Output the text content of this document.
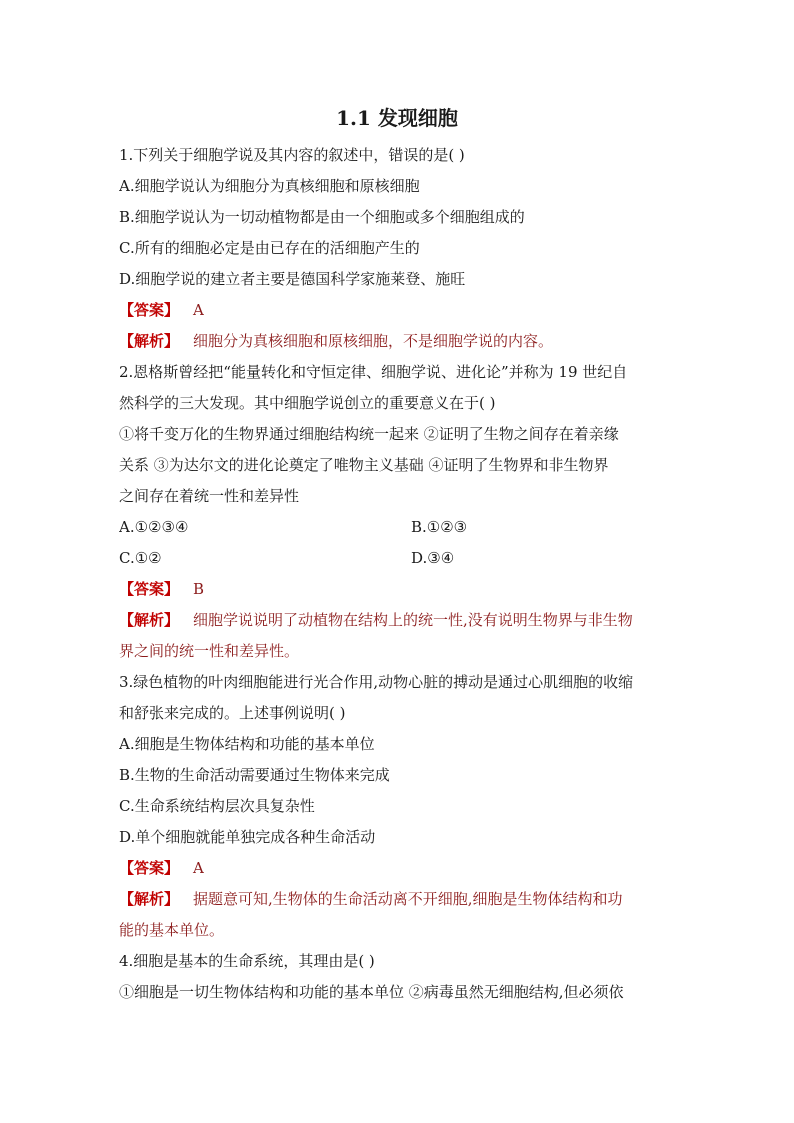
1.1 发现细胞
1.下列关于细胞学说及其内容的叙述中，错误的是( )
A.细胞学说认为细胞分为真核细胞和原核细胞
B.细胞学说认为一切动植物都是由一个细胞或多个细胞组成的
C.所有的细胞必定是由已存在的活细胞产生的
D.细胞学说的建立者主要是德国科学家施莱登、施旺
【答案】 A
【解析】 细胞分为真核细胞和原核细胞，不是细胞学说的内容。
2.恩格斯曾经把“能量转化和守恒定律、细胞学说、进化论”并称为 19 世纪自
然科学的三大发现。其中细胞学说创立的重要意义在于( )
①将千变万化的生物界通过细胞结构统一起来 ②证明了生物之间存在着亲缘
关系 ③为达尔文的进化论奠定了唯物主义基础 ④证明了生物界和非生物界
之间存在着统一性和差异性
A.①②③④	B.①②③
C.①②	D.③④
【答案】 B
【解析】 细胞学说说明了动植物在结构上的统一性,没有说明生物界与非生物
界之间的统一性和差异性。
3.绿色植物的叶肉细胞能进行光合作用,动物心脏的搏动是通过心肌细胞的收缩
和舒张来完成的。上述事例说明( )
A.细胞是生物体结构和功能的基本单位
B.生物的生命活动需要通过生物体来完成
C.生命系统结构层次具复杂性
D.单个细胞就能单独完成各种生命活动
【答案】 A
【解析】 据题意可知,生物体的生命活动离不开细胞,细胞是生物体结构和功
能的基本单位。
4.细胞是基本的生命系统，其理由是( )
①细胞是一切生物体结构和功能的基本单位 ②病毒虽然无细胞结构,但必须依
